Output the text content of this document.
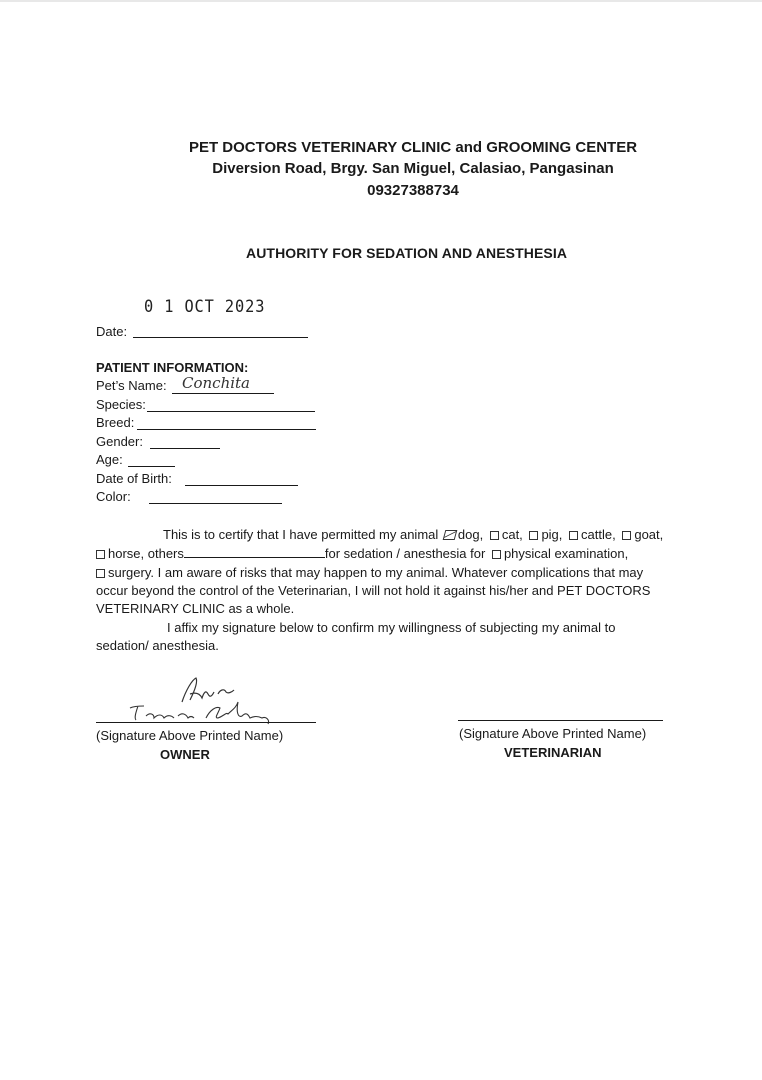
PET DOCTORS VETERINARY CLINIC and GROOMING CENTER
Diversion Road, Brgy. San Miguel, Calasiao, Pangasinan
09327388734
AUTHORITY FOR SEDATION AND ANESTHESIA
0 1 OCT 2023
Date:
PATIENT INFORMATION:
Pet’s Name: Conchita
Species:
Breed:
Gender:
Age:
Date of Birth:
Color:
This is to certify that I have permitted my animal dog, cat, pig, cattle, goat,
horse, others	for sedation / anesthesia for physical examination,
surgery. I am aware of risks that may happen to my animal. Whatever complications that may
occur beyond the control of the Veterinarian, I will not hold it against his/her and PET DOCTORS
VETERINARY CLINIC as a whole.
I affix my signature below to confirm my willingness of subjecting my animal to
sedation/ anesthesia.
(Signature Above Printed Name)
OWNER
(Signature Above Printed Name)
VETERINARIAN
